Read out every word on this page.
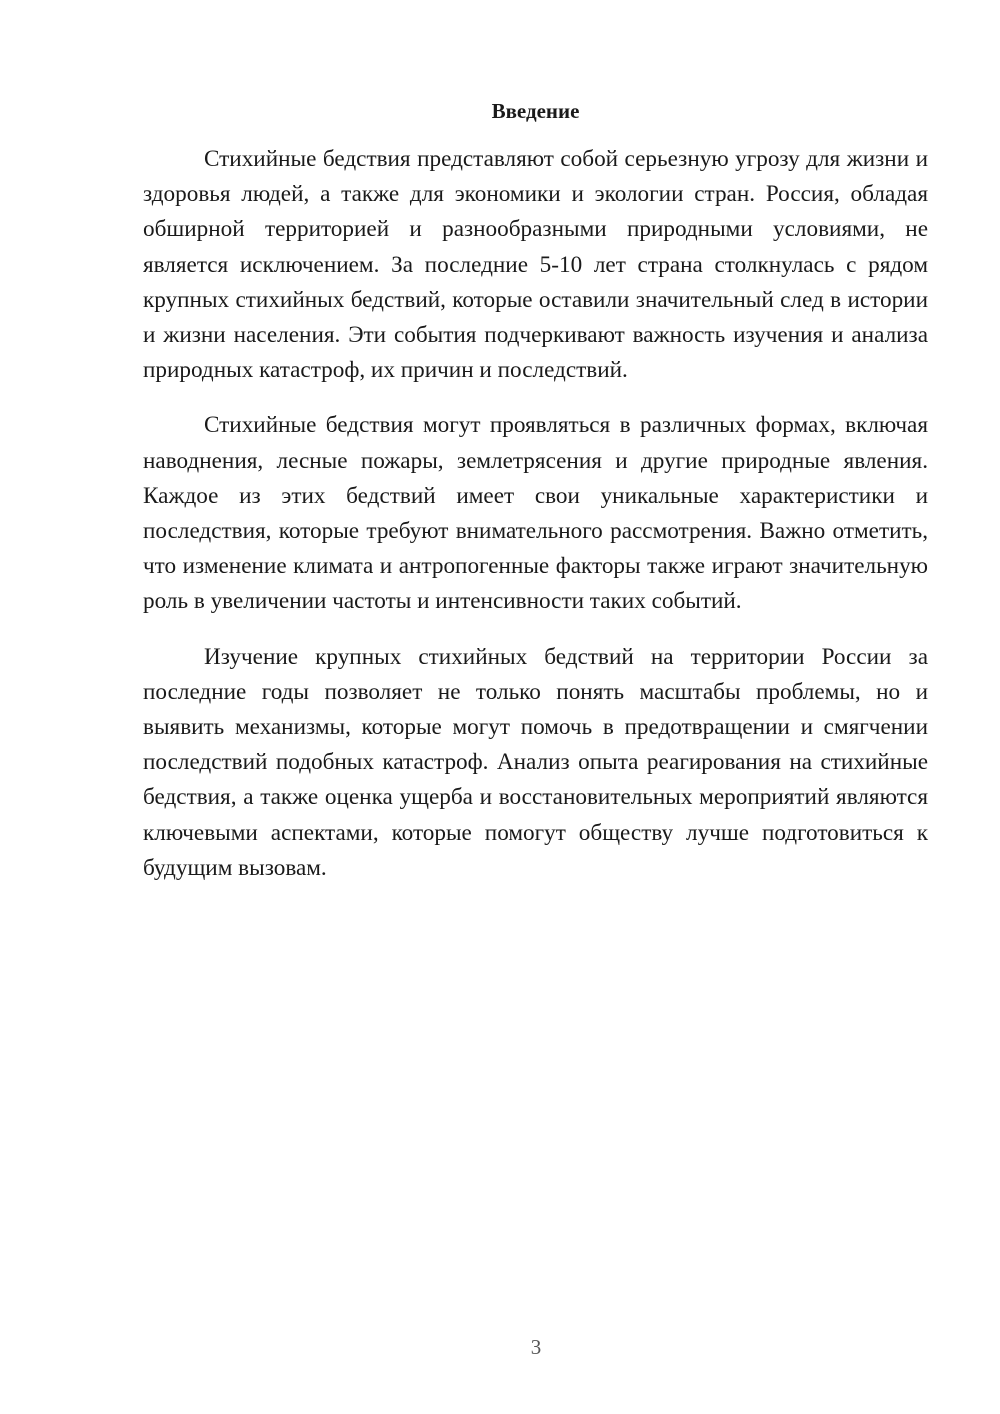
Введение

Стихийные бедствия представляют собой серьезную угрозу для жизни и здоровья людей, а также для экономики и экологии стран. Россия, обладая обширной территорией и разнообразными природными условиями, не является исключением. За последние 5-10 лет страна столкнулась с рядом крупных стихийных бедствий, которые оставили значительный след в истории и жизни населения. Эти события подчеркивают важность изучения и анализа природных катастроф, их причин и последствий.

Стихийные бедствия могут проявляться в различных формах, включая наводнения, лесные пожары, землетрясения и другие природные явления. Каждое из этих бедствий имеет свои уникальные характеристики и последствия, которые требуют внимательного рассмотрения. Важно отметить, что изменение климата и антропогенные факторы также играют значительную роль в увеличении частоты и интенсивности таких событий.

Изучение крупных стихийных бедствий на территории России за последние годы позволяет не только понять масштабы проблемы, но и выявить механизмы, которые могут помочь в предотвращении и смягчении последствий подобных катастроф. Анализ опыта реагирования на стихийные бедствия, а также оценка ущерба и восстановительных мероприятий являются ключевыми аспектами, которые помогут обществу лучше подготовиться к будущим вызовам.

3
